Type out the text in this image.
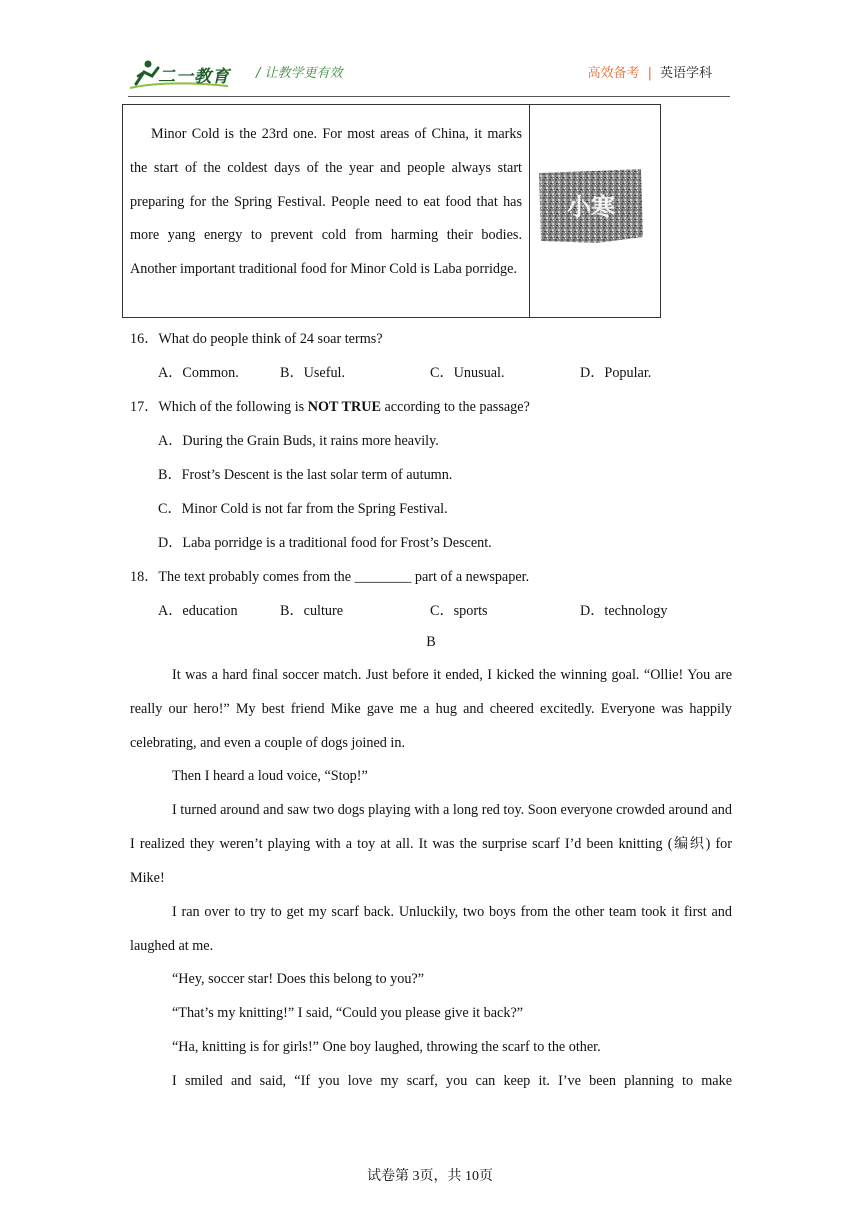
二一教育 / 让教学更有效	高效备考 | 英语学科
Minor Cold is the 23rd one. For most areas of China, it marks the start of the coldest days of the year and people always start preparing for the Spring Festival. People need to eat food that has more yang energy to prevent cold from harming their bodies. Another important traditional food for Minor Cold is Laba porridge.
小寒
16．What do people think of 24 soar terms?
A．Common.	B．Useful.	C．Unusual.	D．Popular.
17．Which of the following is NOT TRUE according to the passage?
A．During the Grain Buds, it rains more heavily.
B．Frost’s Descent is the last solar term of autumn.
C．Minor Cold is not far from the Spring Festival.
D．Laba porridge is a traditional food for Frost’s Descent.
18．The text probably comes from the ________ part of a newspaper.
A．education	B．culture	C．sports	D．technology
B
It was a hard final soccer match. Just before it ended, I kicked the winning goal. “Ollie! You are really our hero!” My best friend Mike gave me a hug and cheered excitedly. Everyone was happily celebrating, and even a couple of dogs joined in.
Then I heard a loud voice, “Stop!”
I turned around and saw two dogs playing with a long red toy. Soon everyone crowded around and I realized they weren’t playing with a toy at all. It was the surprise scarf I’d been knitting (编织) for Mike!
I ran over to try to get my scarf back. Unluckily, two boys from the other team took it first and laughed at me.
“Hey, soccer star! Does this belong to you?”
“That’s my knitting!” I said, “Could you please give it back?”
“Ha, knitting is for girls!” One boy laughed, throwing the scarf to the other.
I smiled and said, “If you love my scarf, you can keep it. I’ve been planning to make
试卷第 3页，共 10页
